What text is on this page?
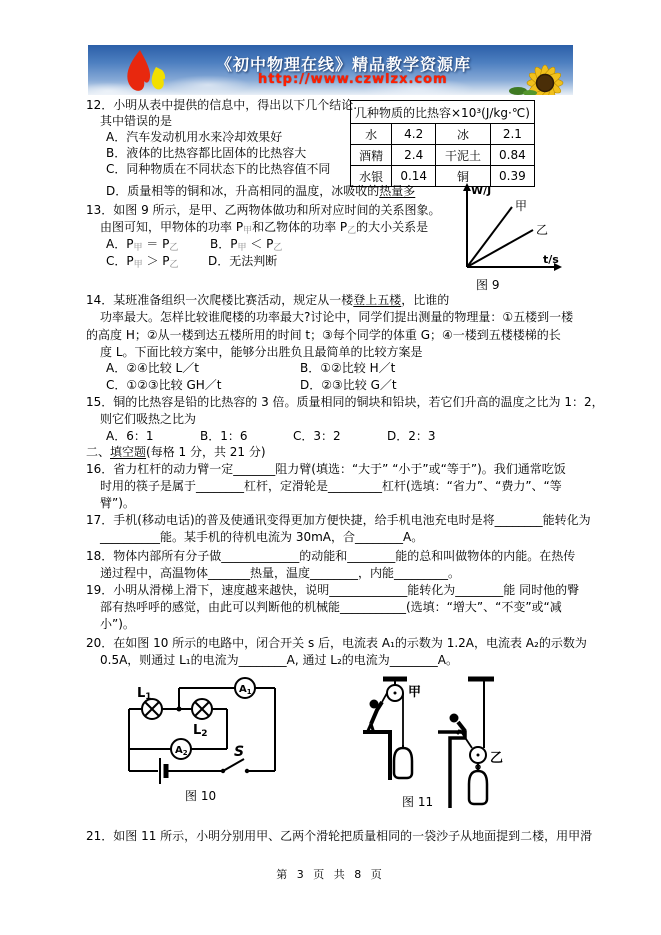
《初中物理在线》精品教学资源库
http://www.czwlzx.com
几种物质的比热容×10³(J/kg·℃)			
水	4.2	冰	2.1
酒精	2.4	干泥土	0.84
水银	0.14	铜	0.39
12．小明从表中提供的信息中，得出以下几个结论.
其中错误的是
A．汽车发动机用水来冷却效果好
B．液体的比热容都比固体的比热容大
C．同种物质在不同状态下的比热容值不同
D．质量相等的铜和冰，升高相同的温度，冰吸收的热量多
13．如图 9 所示，是甲、乙两物体做功和所对应时间的关系图象。
由图可知，甲物体的功率 $P_甲$和乙物体的功率 $P_乙$的大小关系是
A．$P_甲 = P_乙$	B．$P_甲 < P_乙$
C．$P_甲 > P_乙$ D．无法判断
W/J
t/s
甲
乙
图 9
14．某班准备组织一次爬楼比赛活动，规定从一楼登上五楼，比谁的
功率最大。怎样比较谁爬楼的功率最大?讨论中，同学们提出测量的物理量：①五楼到一楼
的高度 H；②从一楼到达五楼所用的时间 t；③每个同学的体重 G；④一楼到五楼楼梯的长
度 L。下面比较方案中，能够分出胜负且最简单的比较方案是
A．②④比较 L／t	B．①②比较 H／t
C．①②③比较 GH／t	D．②③比较 G／t
15．铜的比热容是铅的比热容的 3 倍。质量相同的铜块和铅块，若它们升高的温度之比为 1：2，
则它们吸热之比为
A．6：1	B．1：6	C．3：2	D．2：3
二、填空题(每格 1 分，共 21 分)
16．省力杠杆的动力臂一定_______阻力臂(填选：“大于” “小于”或“等于”)。我们通常吃饭
时用的筷子是属于________杠杆，定滑轮是_________杠杆(选填：“省力”、“费力”、“等
臂”)。
17．手机(移动电话)的普及使通讯变得更加方便快捷，给手机电池充电时是将________能转化为
__________能。某手机的待机电流为 30mA，合________A。
18．物体内部所有分子做_____________的动能和________能的总和叫做物体的内能。在热传
递过程中，高温物体_______热量，温度________，内能_________。
19．小明从滑梯上滑下，速度越来越快，说明_____________能转化为________能 同时他的臀
部有热呼呼的感觉，由此可以判断他的机械能___________(选填：“增大”、“不变”或“减
小”)。
20．在如图 10 所示的电路中，闭合开关 s 后，电流表 A₁的示数为 1.2A，电流表 A₂的示数为
0.5A，则通过 L₁的电流为________A, 通过 L₂的电流为________A。
L1
L2
$A_1$
$A_2$	S
图 10
甲
乙
图 11
21．如图 11 所示，小明分别用甲、乙两个滑轮把质量相同的一袋沙子从地面提到二楼，用甲滑
第 3 页 共 8 页
